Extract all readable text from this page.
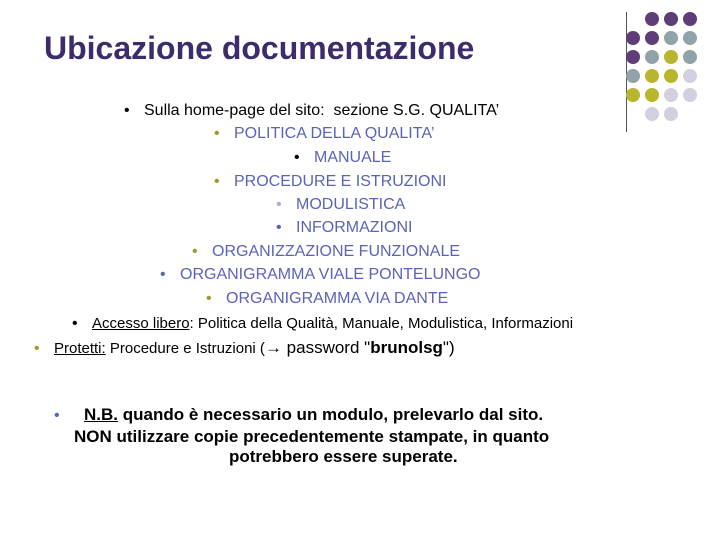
Ubicazione documentazione
• Sulla home-page del sito: sezione S.G. QUALITA’
• POLITICA DELLA QUALITA’
• MANUALE
• PROCEDURE E ISTRUZIONI
• MODULISTICA
• INFORMAZIONI
• ORGANIZZAZIONE FUNZIONALE
• ORGANIGRAMMA VIALE PONTELUNGO
• ORGANIGRAMMA VIA DANTE
• Accesso libero: Politica della Qualità, Manuale, Modulistica, Informazioni
• Protetti: Procedure e Istruzioni (→ password "brunolsg")
• N.B. quando è necessario un modulo, prelevarlo dal sito.
NON utilizzare copie precedentemente stampate, in quanto
potrebbero essere superate.
